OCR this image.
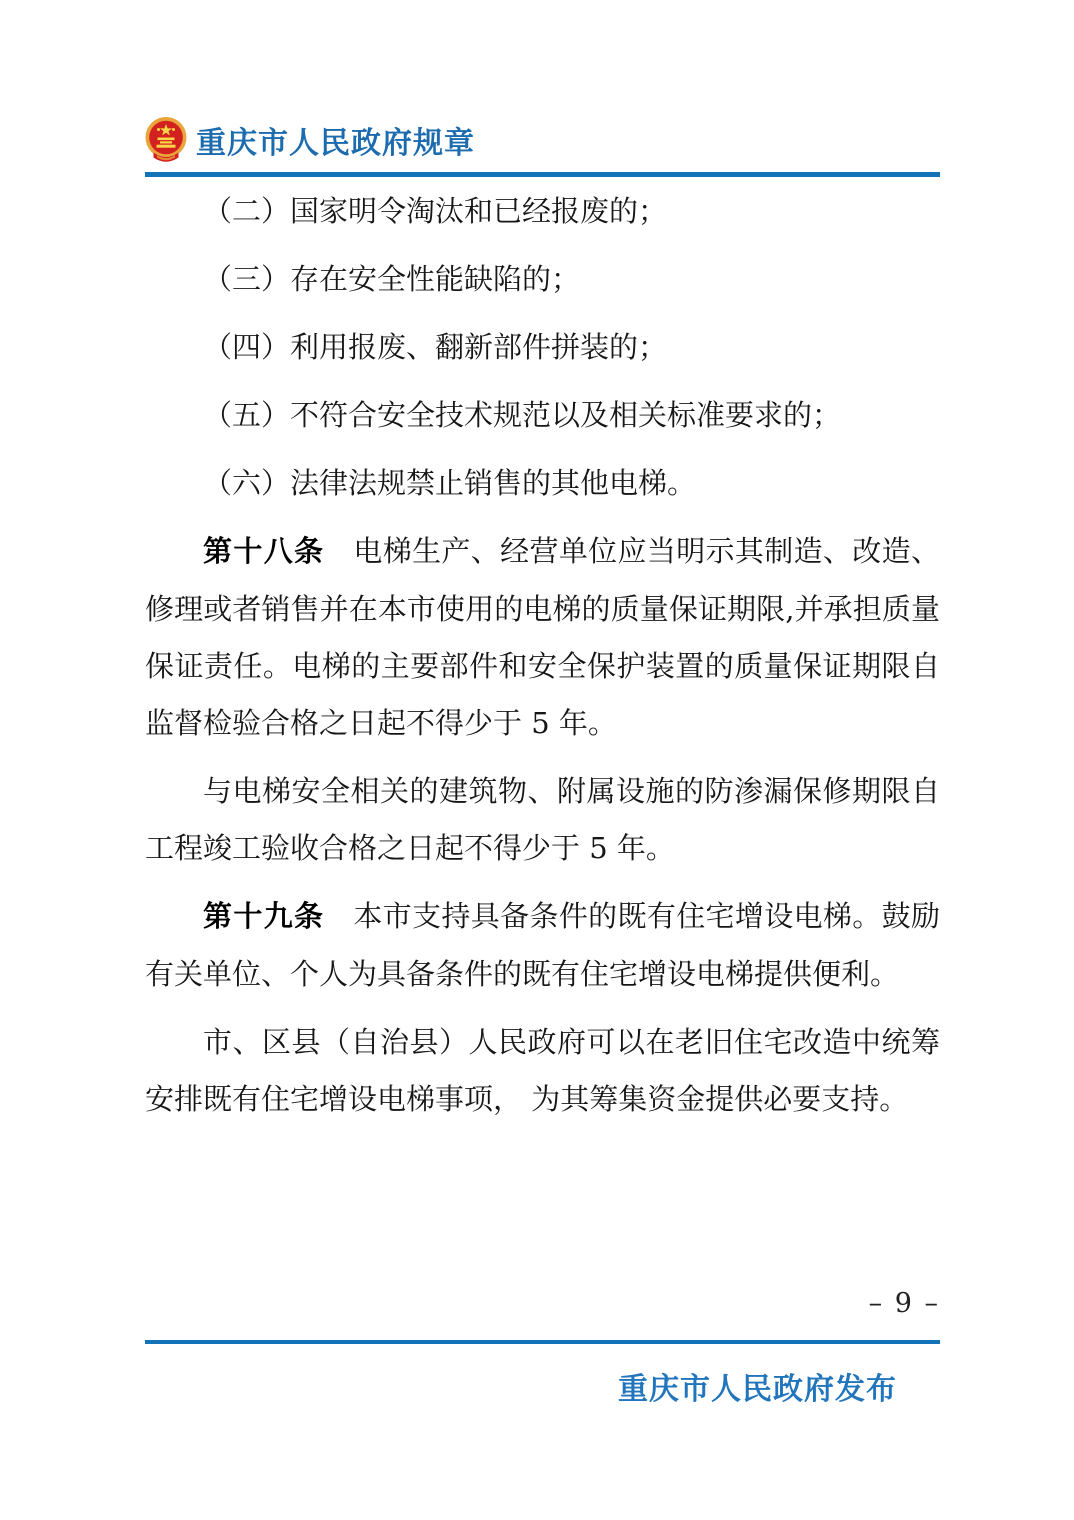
重庆市人民政府规章

（二）国家明令淘汰和已经报废的；

（三）存在安全性能缺陷的；

（四）利用报废、翻新部件拼装的；

（五）不符合安全技术规范以及相关标准要求的；

（六）法律法规禁止销售的其他电梯。

第十八条 电梯生产、经营单位应当明示其制造、改造、修理或者销售并在本市使用的电梯的质量保证期限,并承担质量保证责任。电梯的主要部件和安全保护装置的质量保证期限自监督检验合格之日起不得少于 5 年。

与电梯安全相关的建筑物、附属设施的防渗漏保修期限自工程竣工验收合格之日起不得少于 5 年。

第十九条 本市支持具备条件的既有住宅增设电梯。鼓励有关单位、个人为具备条件的既有住宅增设电梯提供便利。

市、区县（自治县）人民政府可以在老旧住宅改造中统筹安排既有住宅增设电梯事项， 为其筹集资金提供必要支持。

– 9 –
重庆市人民政府发布
